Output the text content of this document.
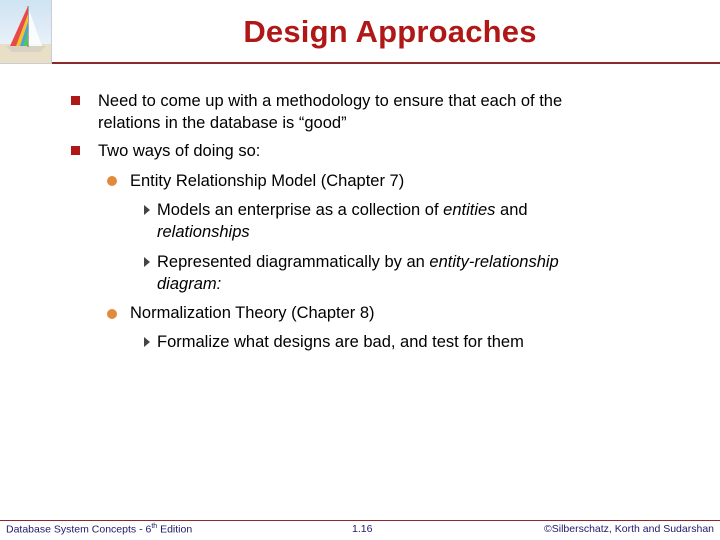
Design Approaches
Need to come up with a methodology to ensure that each of the
relations in the database is “good”
Two ways of doing so:
Entity Relationship Model (Chapter 7)
Models an enterprise as a collection of entities and
relationships
Represented diagrammatically by an entity-relationship
diagram:
Normalization Theory (Chapter 8)
Formalize what designs are bad, and test for them
Database System Concepts - 6th Edition	1.16	©Silberschatz, Korth and Sudarshan
